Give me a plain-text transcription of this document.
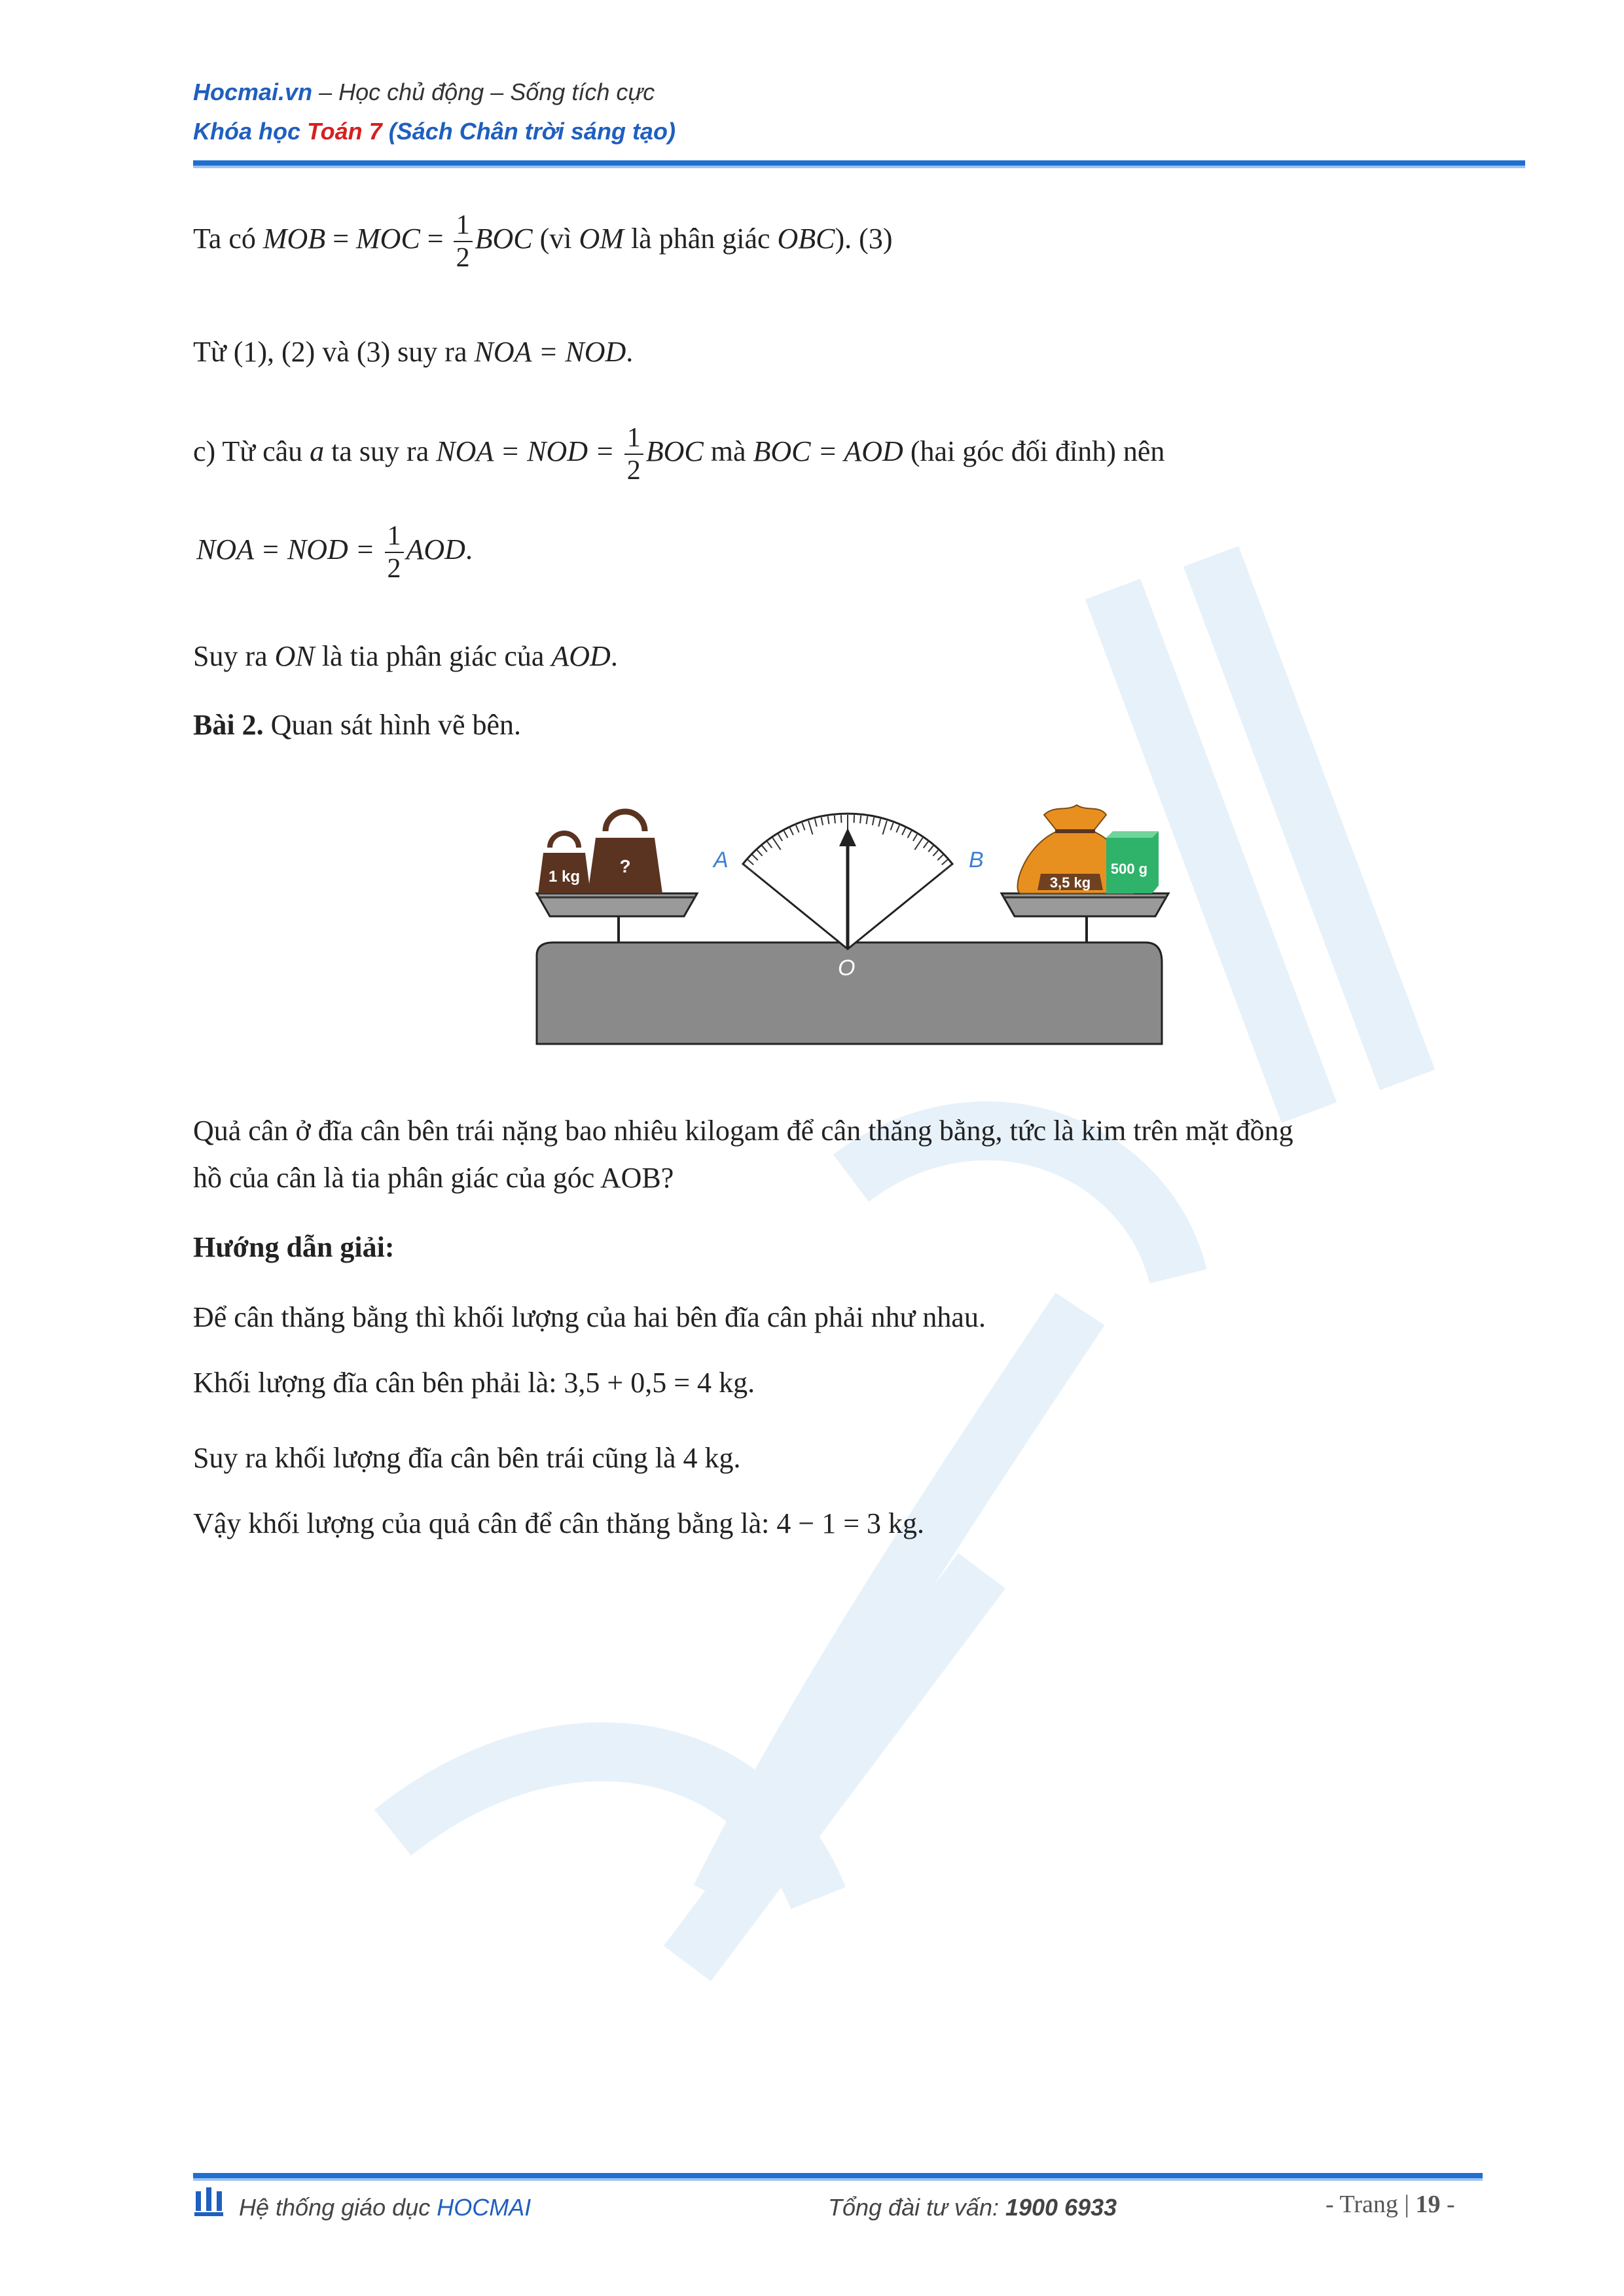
Hocmai.vn – Học chủ động – Sống tích cực
Khóa học Toán 7 (Sách Chân trời sáng tạo)
Ta có MOB = MOC = $\frac{1}{2}$ BOC (vì OM là phân giác OBC). (3)
Từ (1), (2) và (3) suy ra NOA = NOD.
c) Từ câu a ta suy ra NOA = NOD = $\frac{1}{2}$ BOC mà BOC = AOD (hai góc đối đỉnh) nên
NOA = NOD = $\frac{1}{2}$ AOD.
Suy ra ON là tia phân giác của AOD.
Bài 2. Quan sát hình vẽ bên.
1 kg
?	A	B
O
3,5 kg
500 g
Quả cân ở đĩa cân bên trái nặng bao nhiêu kilogam để cân thăng bằng, tức là kim trên mặt đồng
hồ của cân là tia phân giác của góc AOB?
Hướng dẫn giải:
Để cân thăng bằng thì khối lượng của hai bên đĩa cân phải như nhau.
Khối lượng đĩa cân bên phải là: 3,5 + 0,5 = 4 kg.
Suy ra khối lượng đĩa cân bên trái cũng là 4 kg.
Vậy khối lượng của quả cân để cân thăng bằng là: 4 − 1 = 3 kg.
Hệ thống giáo dục HOCMAI	Tổng đài tư vấn: 1900 6933	- Trang | 19 -
